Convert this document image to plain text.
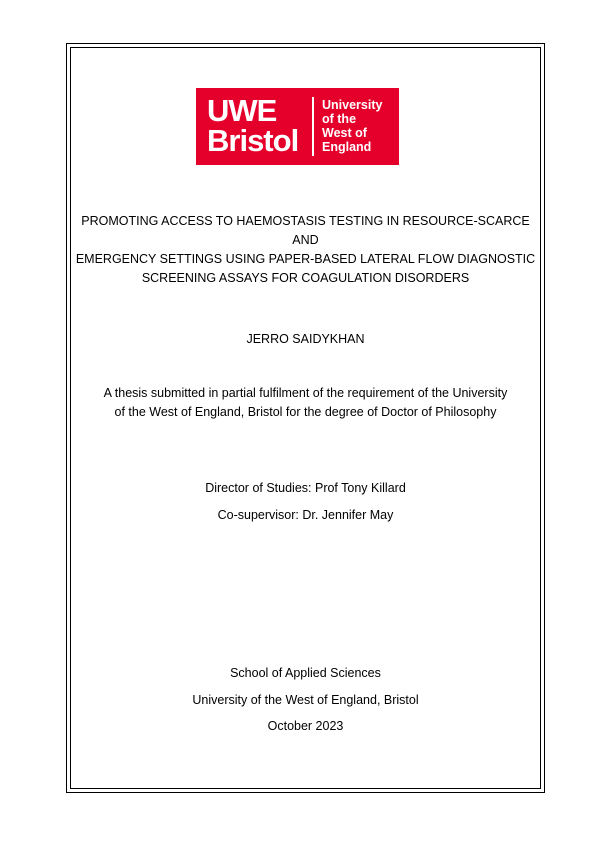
UWE
Bristol
University
of the
West of
England
PROMOTING ACCESS TO HAEMOSTASIS TESTING IN RESOURCE-SCARCE AND
EMERGENCY SETTINGS USING PAPER-BASED LATERAL FLOW DIAGNOSTIC
SCREENING ASSAYS FOR COAGULATION DISORDERS
JERRO SAIDYKHAN
A thesis submitted in partial fulfilment of the requirement of the University
of the West of England, Bristol for the degree of Doctor of Philosophy
Director of Studies: Prof Tony Killard
Co-supervisor: Dr. Jennifer May
School of Applied Sciences
University of the West of England, Bristol
October 2023
